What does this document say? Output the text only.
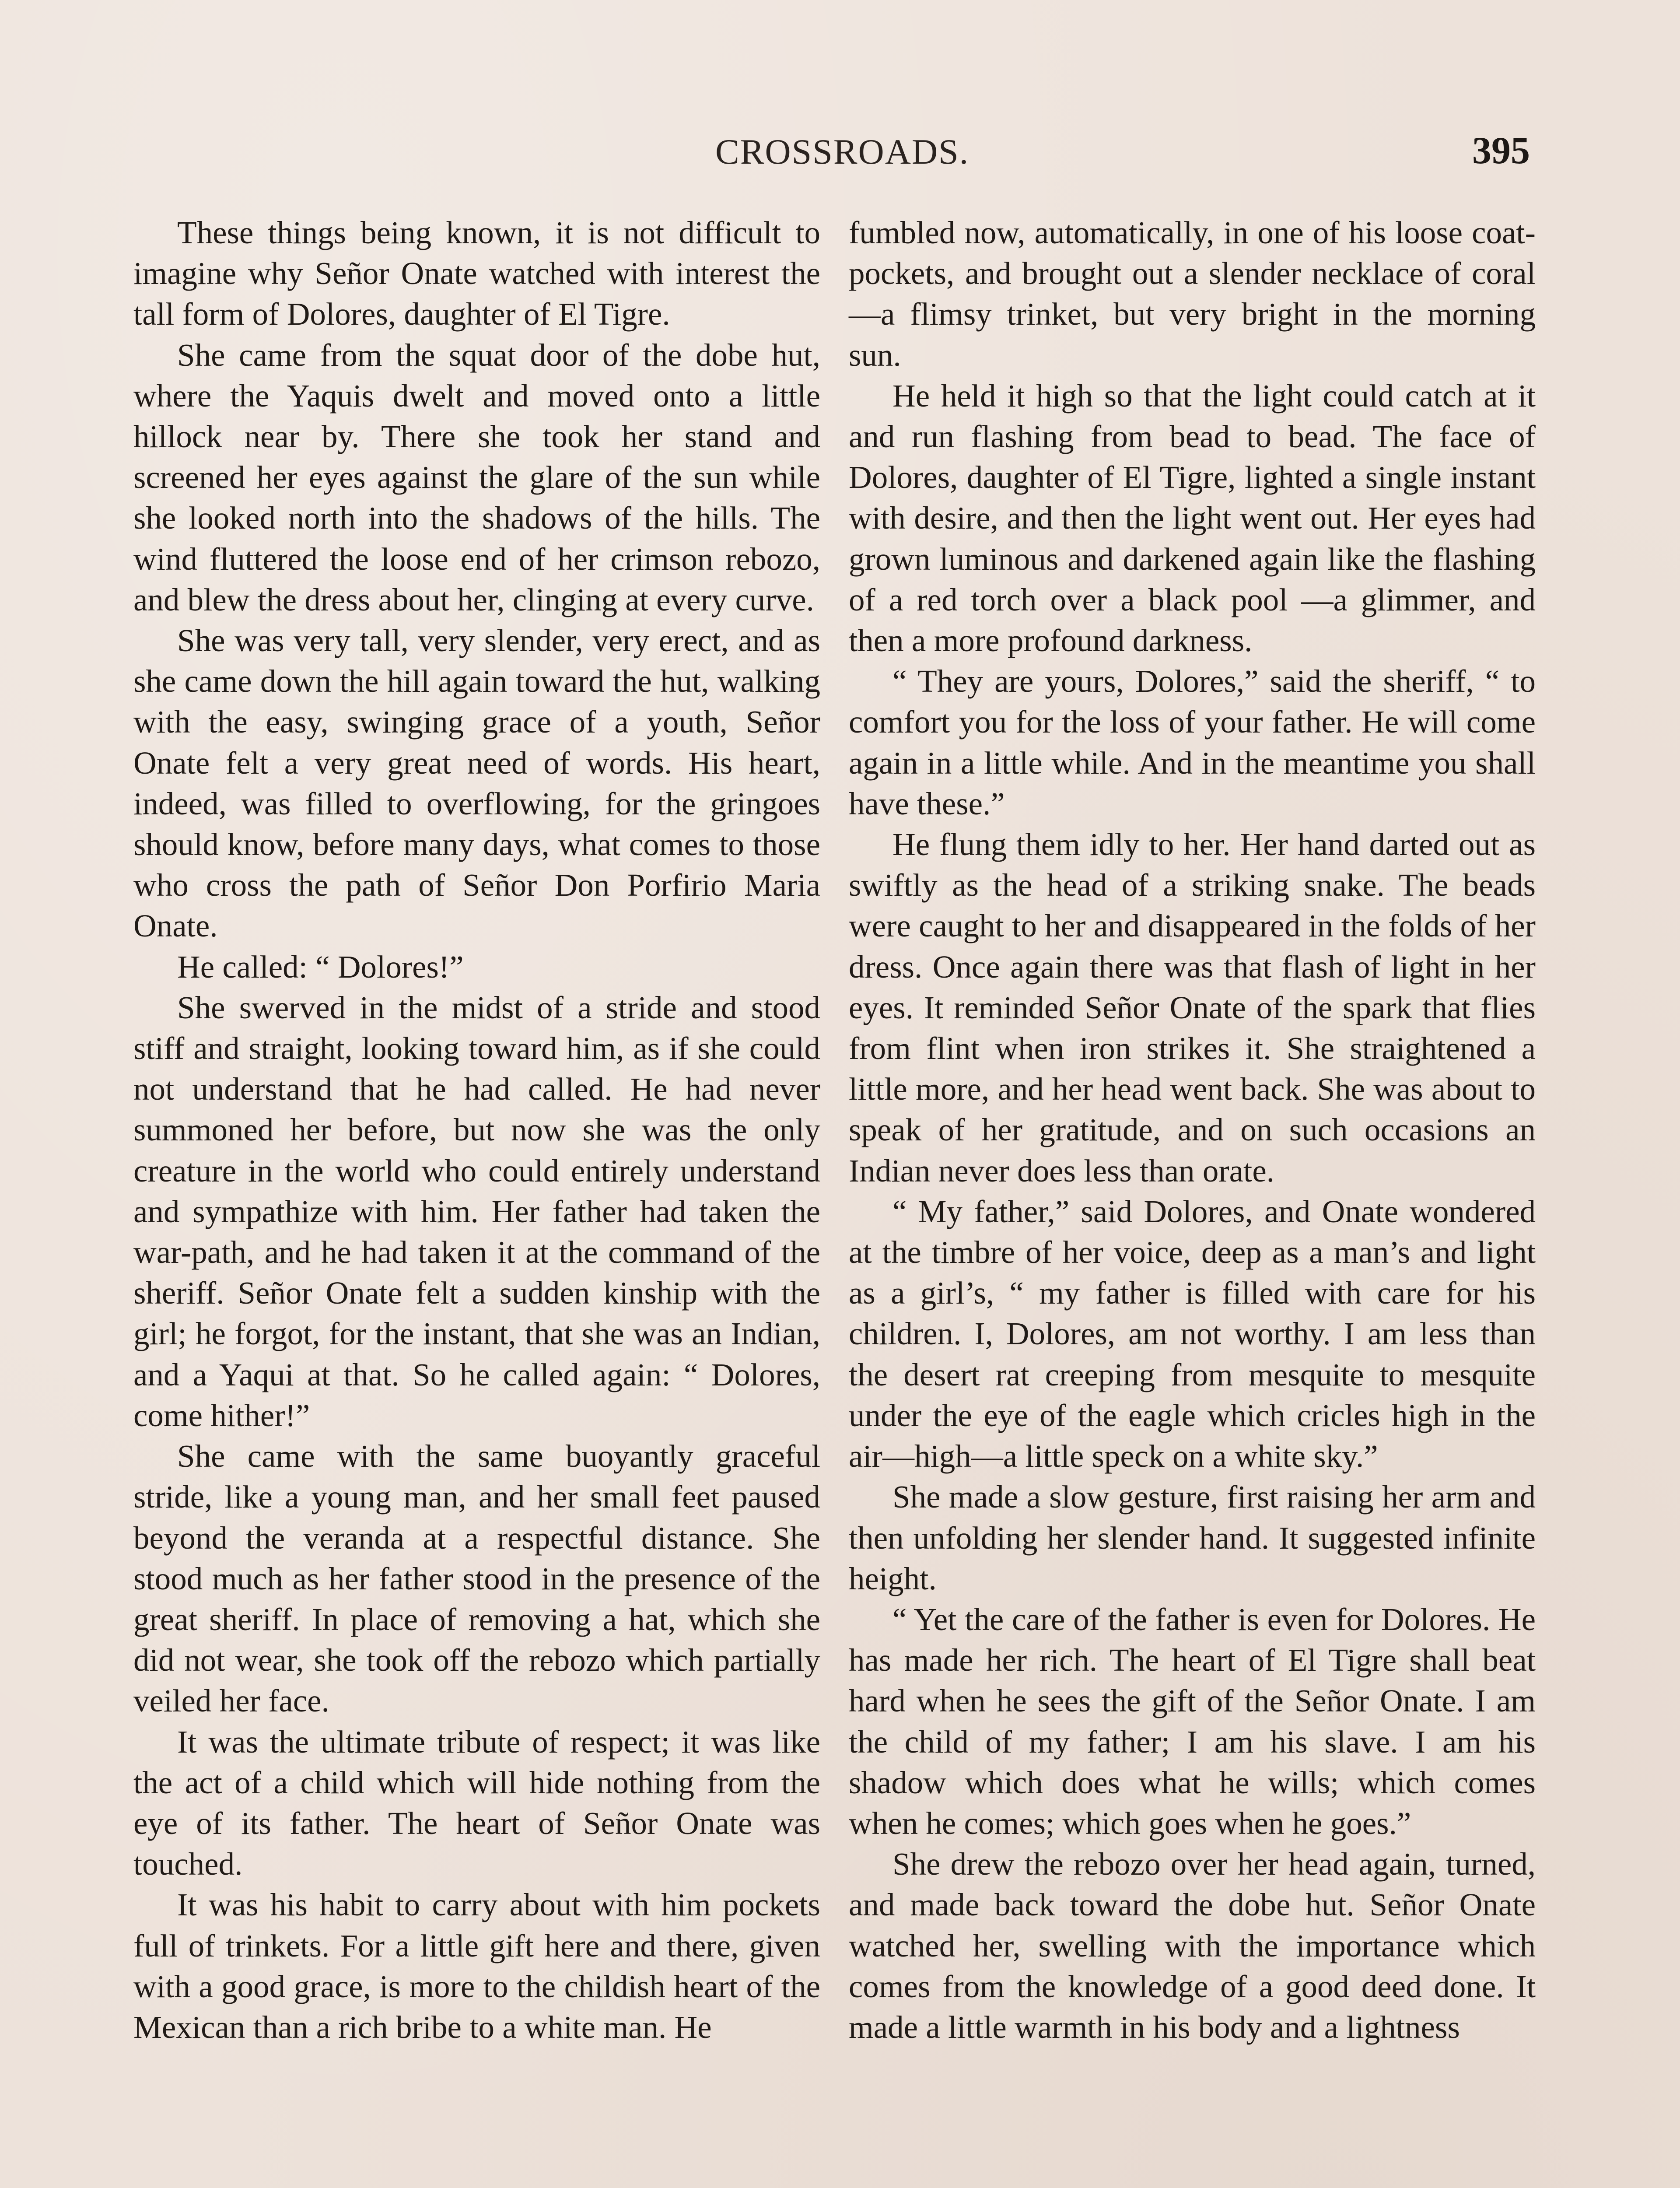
CROSSROADS.	395

These things being known, it is not difficult to imagine why Señor Onate watched with interest the tall form of Dolores, daughter of El Tigre.

She came from the squat door of the dobe hut, where the Yaquis dwelt and moved onto a little hillock near by. There she took her stand and screened her eyes against the glare of the sun while she looked north into the shadows of the hills. The wind fluttered the loose end of her crimson rebozo, and blew the dress about her, clinging at every curve.

She was very tall, very slender, very erect, and as she came down the hill again toward the hut, walking with the easy, swinging grace of a youth, Señor Onate felt a very great need of words. His heart, indeed, was filled to overflowing, for the gringoes should know, before many days, what comes to those who cross the path of Señor Don Porfirio Maria Onate.

He called: “ Dolores!”

She swerved in the midst of a stride and stood stiff and straight, looking toward him, as if she could not understand that he had called. He had never summoned her before, but now she was the only creature in the world who could entirely understand and sympathize with him. Her father had taken the war-path, and he had taken it at the command of the sheriff. Señor Onate felt a sudden kinship with the girl; he forgot, for the instant, that she was an Indian, and a Yaqui at that. So he called again: “ Dolores, come hither!”

She came with the same buoyantly graceful stride, like a young man, and her small feet paused beyond the veranda at a respectful distance. She stood much as her father stood in the presence of the great sheriff. In place of removing a hat, which she did not wear, she took off the rebozo which partially veiled her face.

It was the ultimate tribute of respect; it was like the act of a child which will hide nothing from the eye of its father. The heart of Señor Onate was touched.

It was his habit to carry about with him pockets full of trinkets. For a little gift here and there, given with a good grace, is more to the childish heart of the Mexican than a rich bribe to a white man. He

fumbled now, automatically, in one of his loose coat-pockets, and brought out a slender necklace of coral—a flimsy trinket, but very bright in the morning sun.

He held it high so that the light could catch at it and run flashing from bead to bead. The face of Dolores, daughter of El Tigre, lighted a single instant with desire, and then the light went out. Her eyes had grown luminous and darkened again like the flashing of a red torch over a black pool —a glimmer, and then a more profound darkness.

“ They are yours, Dolores,” said the sheriff, “ to comfort you for the loss of your father. He will come again in a little while. And in the meantime you shall have these.”

He flung them idly to her. Her hand darted out as swiftly as the head of a striking snake. The beads were caught to her and disappeared in the folds of her dress. Once again there was that flash of light in her eyes. It reminded Señor Onate of the spark that flies from flint when iron strikes it. She straightened a little more, and her head went back. She was about to speak of her gratitude, and on such occasions an Indian never does less than orate.

“ My father,” said Dolores, and Onate wondered at the timbre of her voice, deep as a man’s and light as a girl’s, “ my father is filled with care for his children. I, Dolores, am not worthy. I am less than the desert rat creeping from mesquite to mesquite under the eye of the eagle which cricles high in the air—high—a little speck on a white sky.”

She made a slow gesture, first raising her arm and then unfolding her slender hand. It suggested infinite height.

“ Yet the care of the father is even for Dolores. He has made her rich. The heart of El Tigre shall beat hard when he sees the gift of the Señor Onate. I am the child of my father; I am his slave. I am his shadow which does what he wills; which comes when he comes; which goes when he goes.”

She drew the rebozo over her head again, turned, and made back toward the dobe hut. Señor Onate watched her, swelling with the importance which comes from the knowledge of a good deed done. It made a little warmth in his body and a lightness
